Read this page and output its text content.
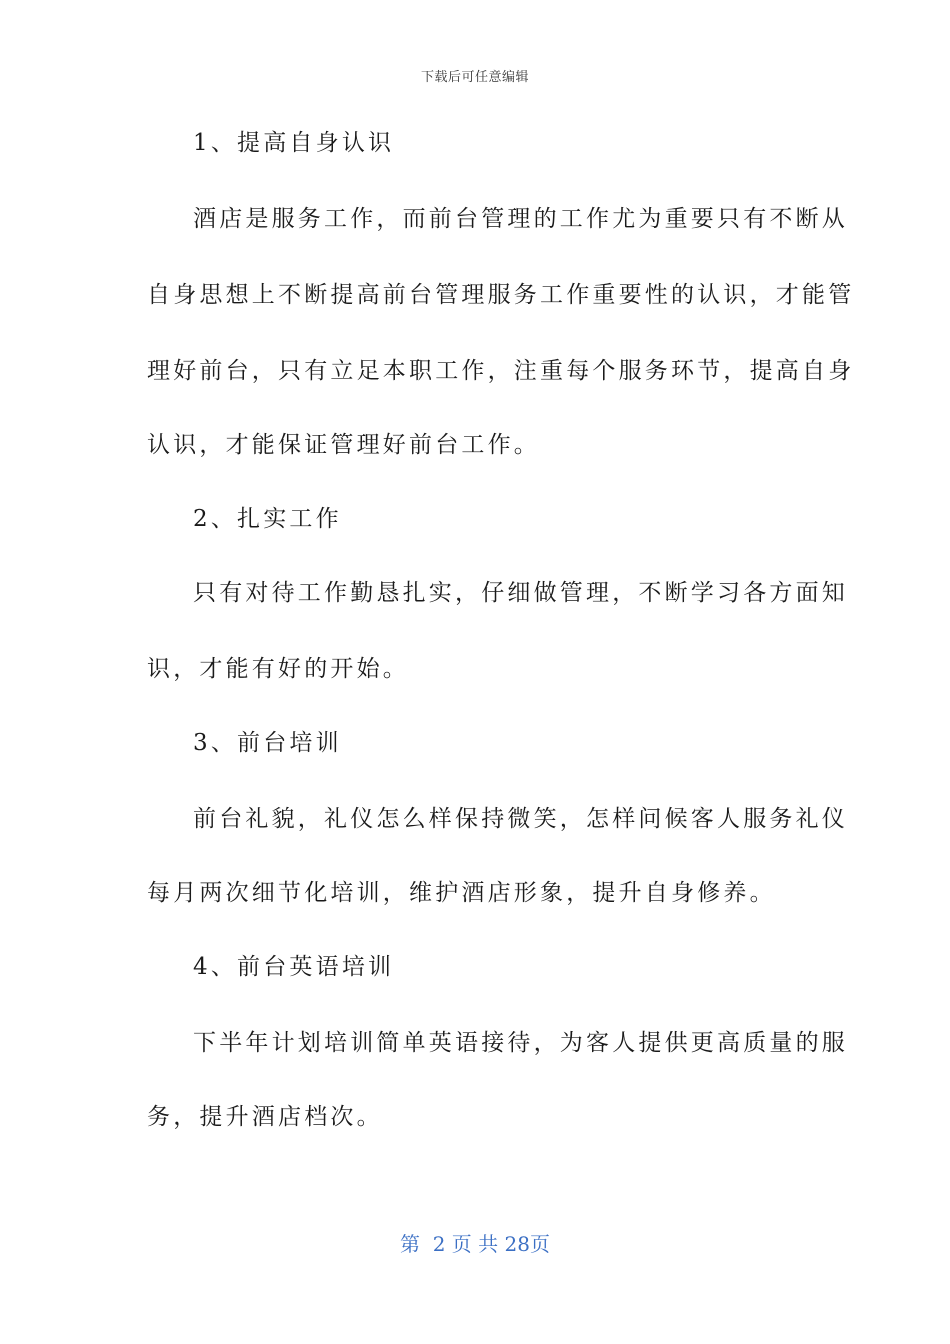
下载后可任意编辑
1、提高自身认识
酒店是服务工作，而前台管理的工作尤为重要只有不断从
自身思想上不断提高前台管理服务工作重要性的认识，才能管
理好前台，只有立足本职工作，注重每个服务环节，提高自身
认识，才能保证管理好前台工作。
2、扎实工作
只有对待工作勤恳扎实，仔细做管理，不断学习各方面知
识，才能有好的开始。
3、前台培训
前台礼貌，礼仪怎么样保持微笑，怎样问候客人服务礼仪
每月两次细节化培训，维护酒店形象，提升自身修养。
4、前台英语培训
下半年计划培训简单英语接待，为客人提供更高质量的服
务，提升酒店档次。
第  2 页 共 28页
